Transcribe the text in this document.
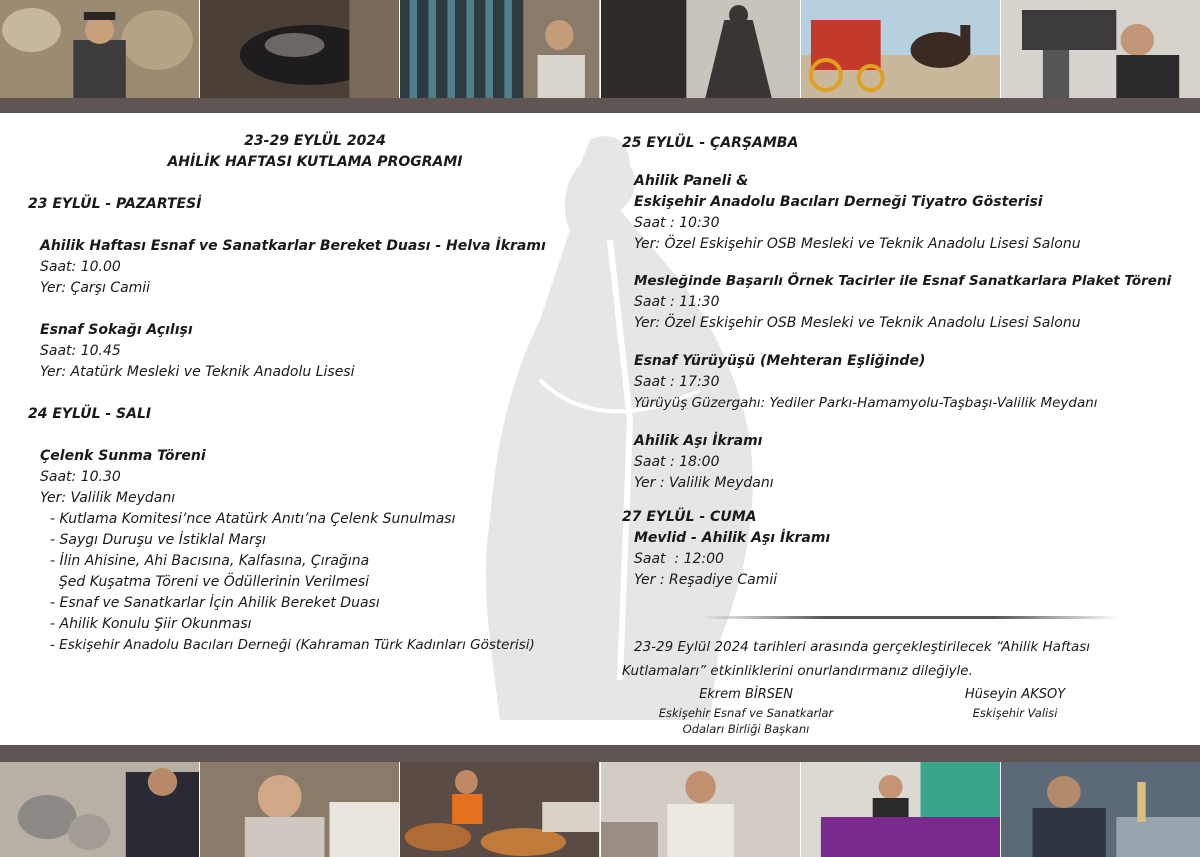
23-29 EYLÜL 2024
AHİLİK HAFTASI KUTLAMA PROGRAMI
23 EYLÜL - PAZARTESİ
Ahilik Haftası Esnaf ve Sanatkarlar Bereket Duası - Helva İkramı
Saat: 10.00
Yer: Çarşı Camii
Esnaf Sokağı Açılışı
Saat: 10.45
Yer: Atatürk Mesleki ve Teknik Anadolu Lisesi
24 EYLÜL - SALI
Çelenk Sunma Töreni
Saat: 10.30
Yer: Valilik Meydanı
- Kutlama Komitesi’nce Atatürk Anıtı’na Çelenk Sunulması
- Saygı Duruşu ve İstiklal Marşı
- İlin Ahisine, Ahi Bacısına, Kalfasına, Çırağına
Şed Kuşatma Töreni ve Ödüllerinin Verilmesi
- Esnaf ve Sanatkarlar İçin Ahilik Bereket Duası
- Ahilik Konulu Şiir Okunması
- Eskişehir Anadolu Bacıları Derneği (Kahraman Türk Kadınları Gösterisi)
25 EYLÜL - ÇARŞAMBA
Ahilik Paneli &
Eskişehir Anadolu Bacıları Derneği Tiyatro Gösterisi
Saat : 10:30
Yer: Özel Eskişehir OSB Mesleki ve Teknik Anadolu Lisesi Salonu
Mesleğinde Başarılı Örnek Tacirler ile Esnaf Sanatkarlara Plaket Töreni
Saat : 11:30
Yer: Özel Eskişehir OSB Mesleki ve Teknik Anadolu Lisesi Salonu
Esnaf Yürüyüşü (Mehteran Eşliğinde)
Saat : 17:30
Yürüyüş Güzergahı: Yediler Parkı-Hamamyolu-Taşbaşı-Valilik Meydanı
Ahilik Aşı İkramı
Saat : 18:00
Yer : Valilik Meydanı
27 EYLÜL - CUMA
Mevlid - Ahilik Aşı İkramı
Saat  : 12:00
Yer : Reşadiye Camii
23-29 Eylül 2024 tarihleri arasında gerçekleştirilecek “Ahilik Haftası
Kutlamaları” etkinliklerini onurlandırmanız dileğiyle.
Ekrem BİRSEN
Eskişehir Esnaf ve Sanatkarlar
Odaları Birliği Başkanı
Hüseyin AKSOY
Eskişehir Valisi
